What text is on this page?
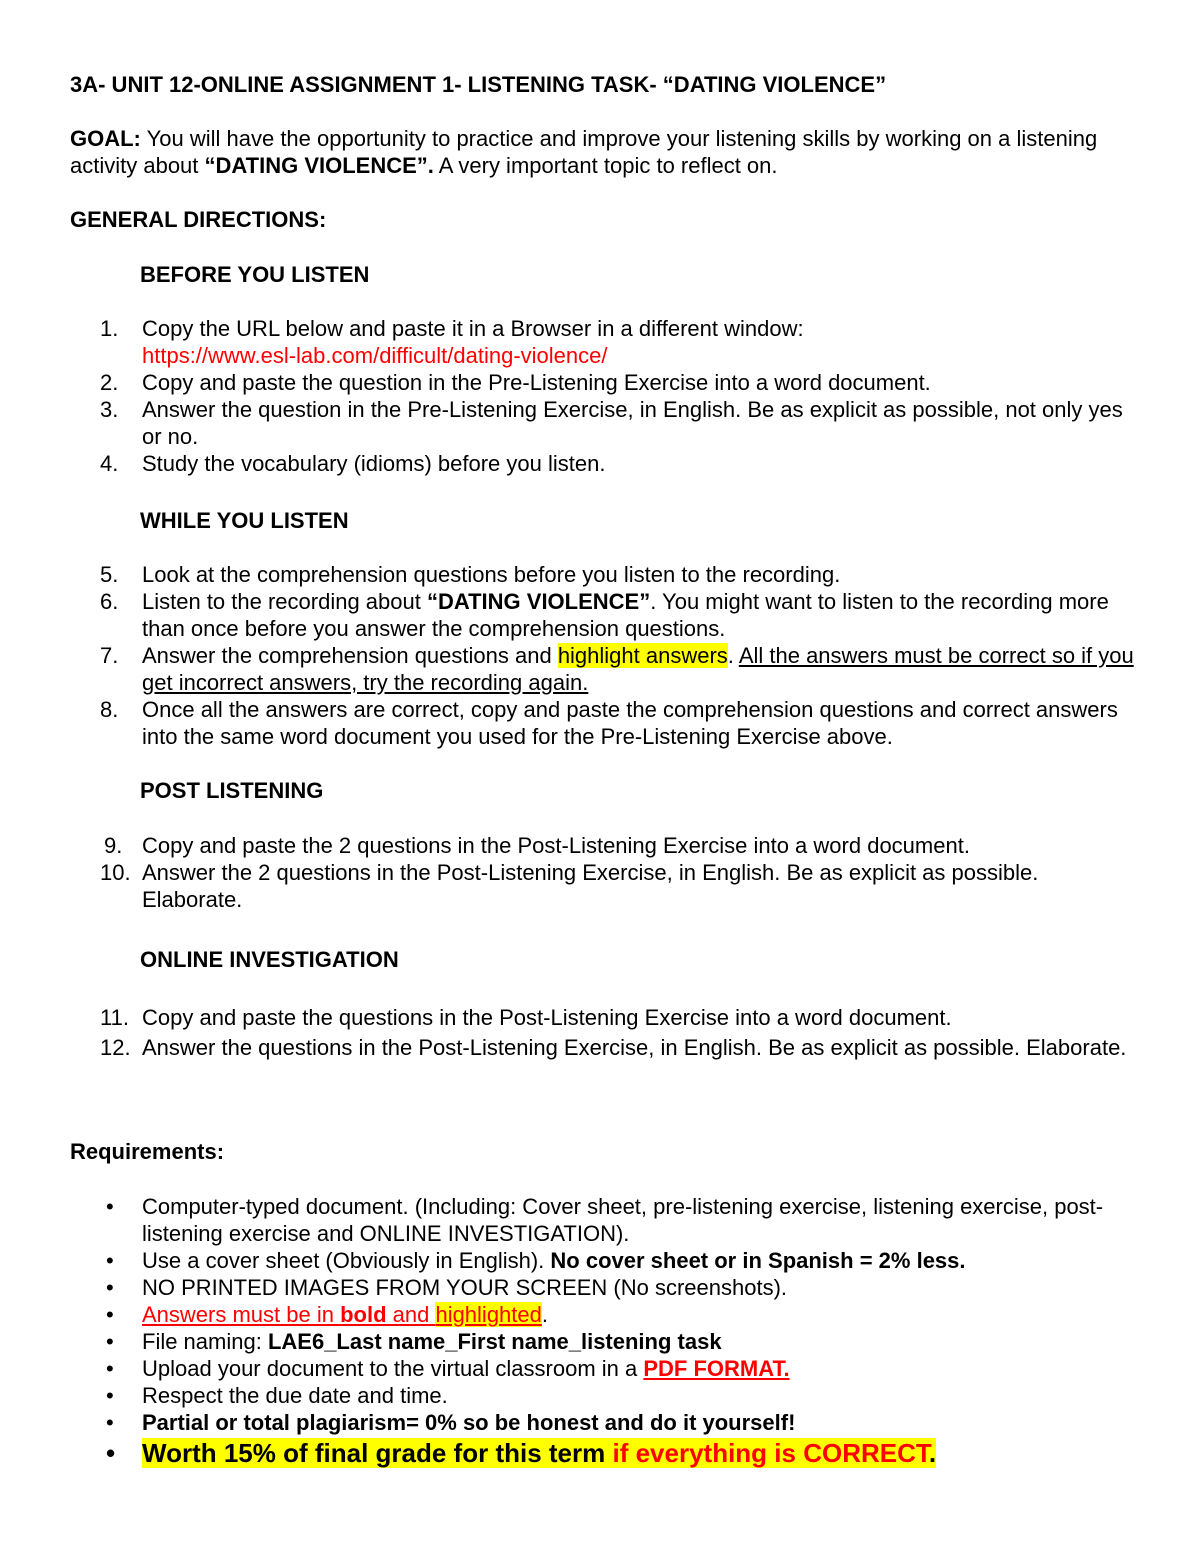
3A- UNIT 12-ONLINE ASSIGNMENT 1- LISTENING TASK- “DATING VIOLENCE”
GOAL: You will have the opportunity to practice and improve your listening skills by working on a listening activity about “DATING VIOLENCE”. A very important topic to reflect on.
GENERAL DIRECTIONS:
BEFORE YOU LISTEN
1.	Copy the URL below and paste it in a Browser in a different window:
https://www.esl-lab.com/difficult/dating-violence/
2.	Copy and paste the question in the Pre-Listening Exercise into a word document.
3.	Answer the question in the Pre-Listening Exercise, in English. Be as explicit as possible, not only yes or no.
4.	Study the vocabulary (idioms) before you listen.
WHILE YOU LISTEN
5.	Look at the comprehension questions before you listen to the recording.
6.	Listen to the recording about “DATING VIOLENCE”. You might want to listen to the recording more than once before you answer the comprehension questions.
7.	Answer the comprehension questions and highlight answers. All the answers must be correct so if you get incorrect answers, try the recording again.
8.	Once all the answers are correct, copy and paste the comprehension questions and correct answers into the same word document you used for the Pre-Listening Exercise above.
POST LISTENING
9. Copy and paste the 2 questions in the Post-Listening Exercise into a word document.
10. Answer the 2 questions in the Post-Listening Exercise, in English. Be as explicit as possible. Elaborate.
ONLINE INVESTIGATION
11. Copy and paste the questions in the Post-Listening Exercise into a word document.
12. Answer the questions in the Post-Listening Exercise, in English. Be as explicit as possible. Elaborate.
Requirements:
• Computer-typed document. (Including: Cover sheet, pre-listening exercise, listening exercise, post-listening exercise and ONLINE INVESTIGATION).
• Use a cover sheet (Obviously in English). No cover sheet or in Spanish = 2% less.
• NO PRINTED IMAGES FROM YOUR SCREEN (No screenshots).
• Answers must be in bold and highlighted.
• File naming: LAE6_Last name_First name_listening task
• Upload your document to the virtual classroom in a PDF FORMAT.
• Respect the due date and time.
• Partial or total plagiarism= 0% so be honest and do it yourself!
• Worth 15% of final grade for this term if everything is CORRECT.
